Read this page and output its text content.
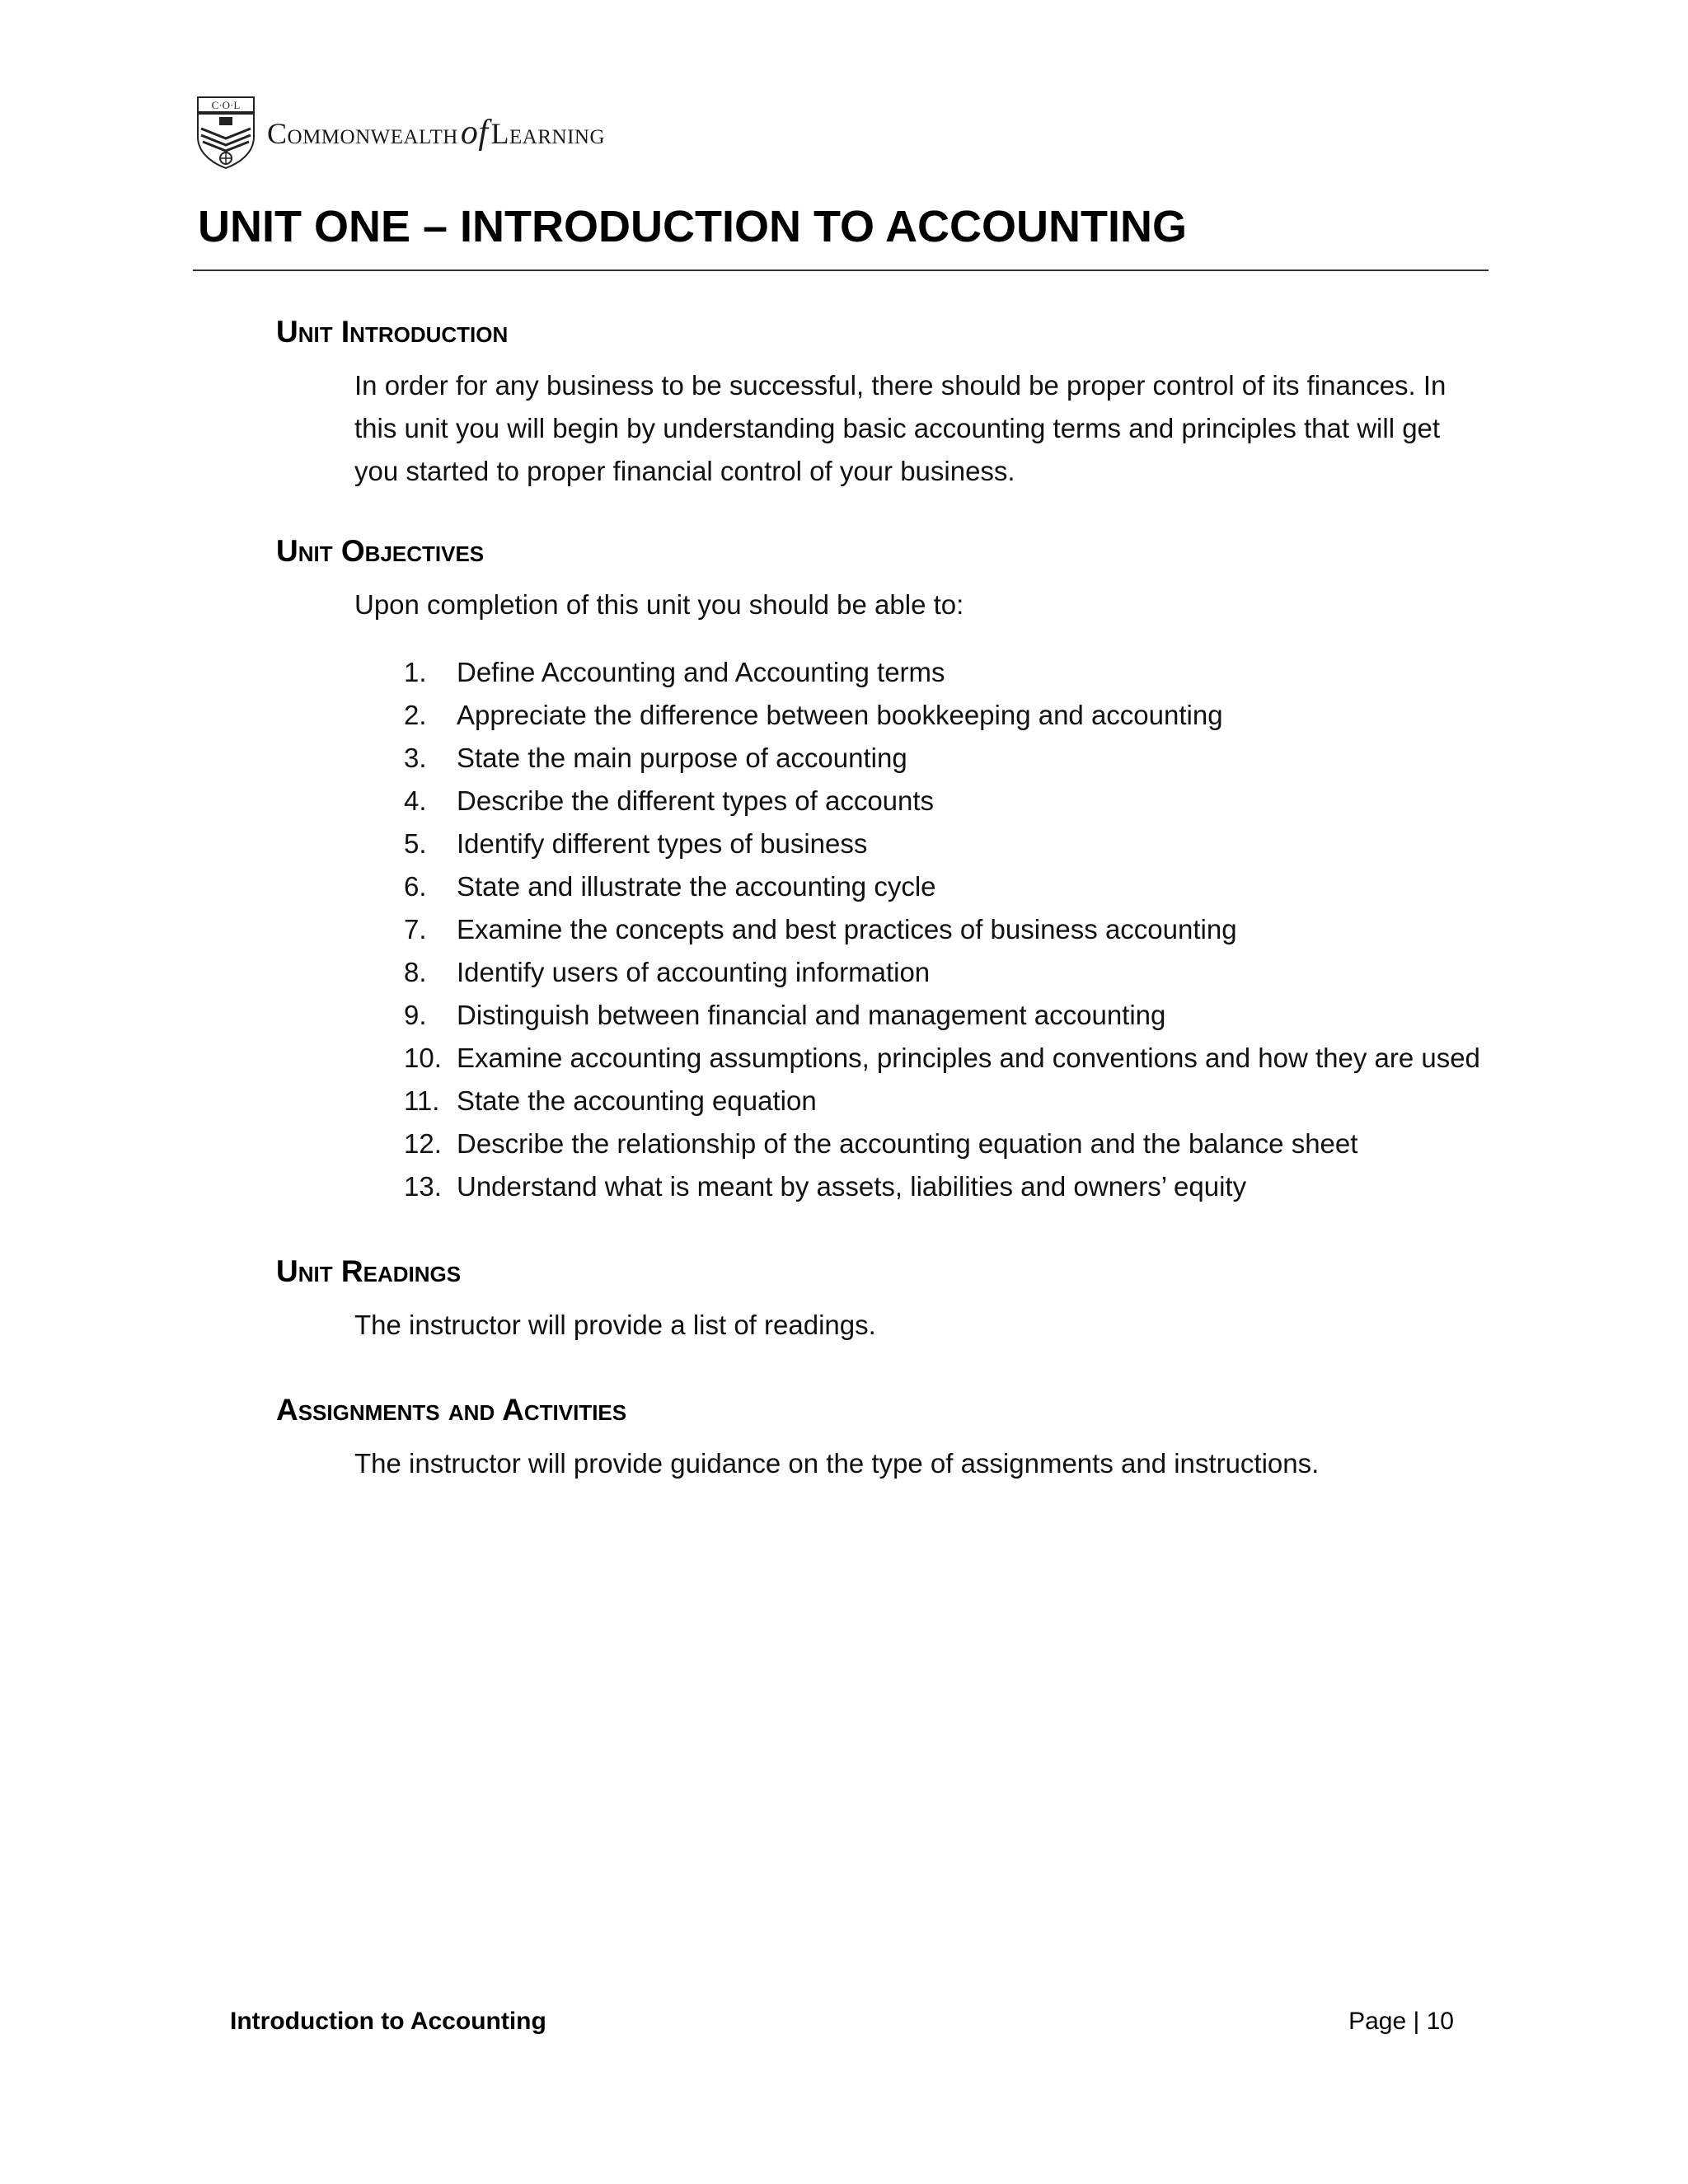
C·O·L
CommonwealthofLearning
UNIT ONE – INTRODUCTION TO ACCOUNTING
Unit Introduction

In order for any business to be successful, there should be proper control of its finances. In this unit you will begin by understanding basic accounting terms and principles that will get you started to proper financial control of your business.

Unit Objectives

Upon completion of this unit you should be able to:

1.	Define Accounting and Accounting terms
2.	Appreciate the difference between bookkeeping and accounting
3.	State the main purpose of accounting
4.	Describe the different types of accounts
5.	Identify different types of business
6.	State and illustrate the accounting cycle
7.	Examine the concepts and best practices of business accounting
8.	Identify users of accounting information
9.	Distinguish between financial and management accounting
10. Examine accounting assumptions, principles and conventions and how they are used
11. State the accounting equation
12. Describe the relationship of the accounting equation and the balance sheet
13. Understand what is meant by assets, liabilities and owners’ equity
Unit Readings

The instructor will provide a list of readings.

Assignments and Activities

The instructor will provide guidance on the type of assignments and instructions.

Introduction to Accounting	Page | 10
